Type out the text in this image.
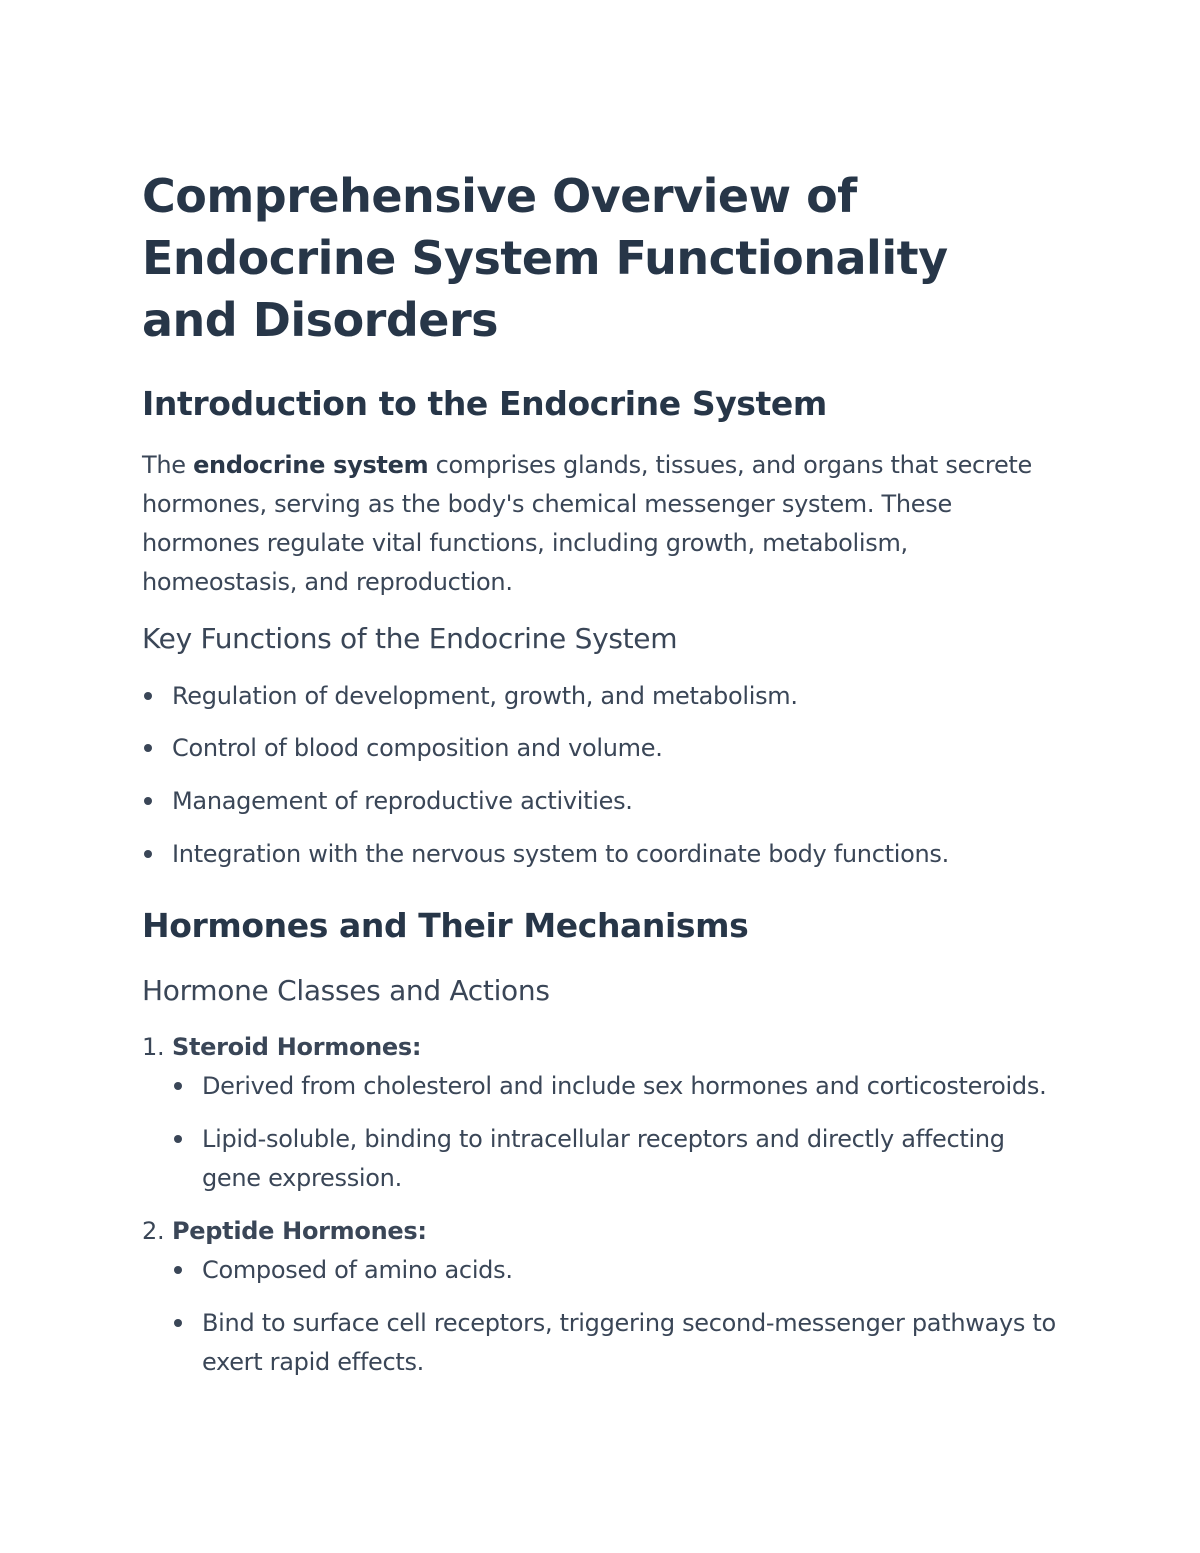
Comprehensive Overview of Endocrine System Functionality and Disorders
Introduction to the Endocrine System

The endocrine system comprises glands, tissues, and organs that secrete hormones, serving as the body's chemical messenger system. These hormones regulate vital functions, including growth, metabolism, homeostasis, and reproduction.

Key Functions of the Endocrine System
Regulation of development, growth, and metabolism.
Control of blood composition and volume.
Management of reproductive activities.
Integration with the nervous system to coordinate body functions.
Hormones and Their Mechanisms
Hormone Classes and Actions
1. Steroid Hormones:
Derived from cholesterol and include sex hormones and corticosteroids.
Lipid-soluble, binding to intracellular receptors and directly affecting gene expression.
2. Peptide Hormones:
Composed of amino acids.
Bind to surface cell receptors, triggering second-messenger pathways to exert rapid effects.
